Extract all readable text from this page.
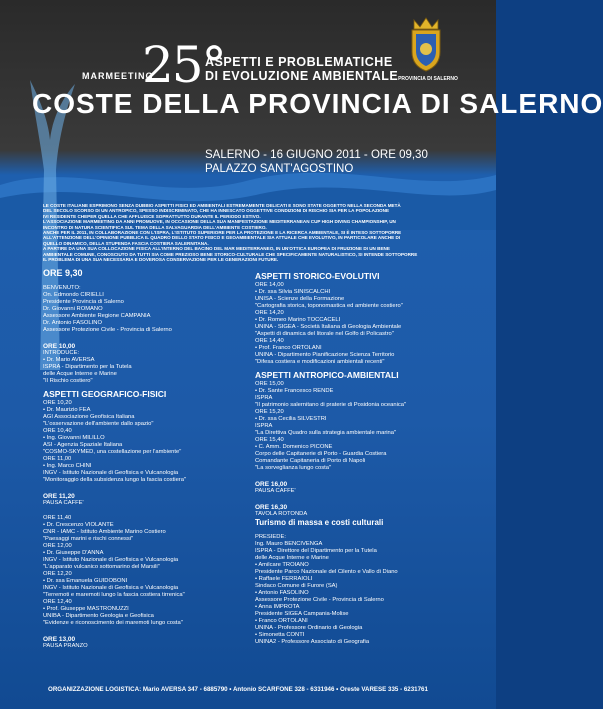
25°
MARMEETING
ASPETTI E PROBLEMATICHE
DI EVOLUZIONE AMBIENTALE
COSTE DELLA PROVINCIA DI SALERNO
SALERNO - 16 GIUGNO 2011 - ORE 09,30
PALAZZO SANT'AGOSTINO
PROVINCIA DI SALERNO

LE COSTE ITALIANE ESPRIMONO SENZA DUBBIO ASPETTI FISICI ED AMBIENTALI ESTREMAMENTE DELICATI E SONO STATE OGGETTO NELLA SECONDA METÀ

DEL SECOLO SCORSO DI UN ANTROPICO, SPESSO INDISCRIMINATO, CHE HA INNESCATO OGGETTIVE CONDIZIONI DI RISCHIO SIA PER LA POPOLAZIONE

IVI RESIDENTE CHEPER QUELLA CHE AFFLUISCE SOPRATTUTTO DURANTE IL PERIODO ESTIVO.

L'ASSOCIAZIONE MARMEETING DA ANNI PROMUOVE, IN OCCASIONE DELLA SUA MANIFESTAZIONE MEDITERRANEAN CUP HIGH DIVING CHAMPIONSHIP, UN

INCONTRO DI NATURA SCIENTIFICA SUL TEMA DELLA SALVAGUARDIA DELL'AMBIENTE COSTIERO.

ANCHE PER IL 2011, IN COLLABORAZIONE CON L'ISPRA, L'ISTITUTO SUPERIORE PER LA PROTEZIONE E LA RICERCA AMBIENTALE, SI È INTESO SOTTOPORRE

ALL'ATTENZIONE DELL'OPINIONE PUBBLICA IL QUADRO DELLO STATO FISICO E GEOAMBIENTALE SIA ATTUALE CHE EVOLUTIVO, IN PARTICOLARE ANCHE DI

QUELLO DINAMICO, DELLA STUPENDA FASCIA COSTIERA SALERNITANA.

A PARTIRE DA UNA SUA COLLOCAZIONE FISICA ALL'INTERNO DEL BACINO DEL MAR MEDITERRANEO, IN UN'OTTICA EUROPEA DI FRUIZIONE DI UN BENE

AMBIENTALE COMUNE, CONOSCIUTO DA TUTTI SIA COME PREZIOSO BENE STORICO-CULTURALE CHE SPECIFICAMENTE NATURALISTICO, SI INTENDE SOTTOPORRE

IL PROBLEMA DI UNA SUA NECESSARIA E DOVEROSA CONSERVAZIONE PER LE GENERAZIONI FUTURE.

ORE 9,30
BENVENUTO:
On. Edmondo CIRIELLI
Presidente Provincia di Salerno
Dr. Giovanni ROMANO
Assessore Ambiente Regione CAMPANIA
Dr. Antonio FASOLINO
Assessore Protezione Civile - Provincia di Salerno
ORE 10,00
INTRODUCE:
• Dr. Mario AVERSA
ISPRA - Dipartimento per la Tutela
delle Acque Interne e Marine
"Il Rischio costiero"
ASPETTI GEOGRAFICO-FISICI
ORE 10,20
• Dr. Maurizio FEA
AGI Associazione Geofisica Italiana
"L'osservazione dell'ambiente dallo spazio"
ORE 10,40
• Ing. Giovanni MILILLO
ASI - Agenzia Spaziale Italiana
"COSMO-SKYMED, una costellazione per l'ambiente"
ORE 11,00
• Ing. Marco CHINI
INGV - Istituto Nazionale di Geofisica e Vulcanologia
"Monitoraggio della subsidenza lungo la fascia costiera"
ORE 11,20
PAUSA CAFFE'
ORE 11,40
• Dr. Crescenzo VIOLANTE
CNR - IAMC - Istituto Ambiente Marino Costiero
"Paesaggi marini e rischi connessi"
ORE 12,00
• Dr. Giuseppe D'ANNA
INGV - Istituto Nazionale di Geofisica e Vulcanologia
"L'apparato vulcanico sottomarino del Marsili"
ORE 12,20
• Dr. ssa Emanuela GUIDOBONI
INGV - Istituto Nazionale di Geofisica e Vulcanologia
"Terremoti e maremoti lungo la fascia costiera tirrenica"
ORE 12,40
• Prof. Giuseppe MASTRONUZZI
UNIBA - Dipartimento Geologia e Geofisica
"Evidenze e riconoscimento dei maremoti lungo costa"
ORE 13,00
PAUSA PRANZO
ASPETTI STORICO-EVOLUTIVI
ORE 14,00
• Dr. ssa Silvia SINISCALCHI
UNISA - Scienze della Formazione
"Cartografia storica, toponomastica ed ambiente costiero"
ORE 14,20
• Dr. Romeo Marino TOCCACELI
UNINA - SIGEA - Società Italiana di Geologia Ambientale
"Aspetti di dinamica del litorale nel Golfo di Policastro"
ORE 14,40
• Prof. Franco ORTOLANI
UNINA - Dipartimento Pianificazione Scienza Territorio
"Difesa costiera e modificazioni ambientali recenti"
ASPETTI ANTROPICO-AMBIENTALI
ORE 15,00
• Dr. Sante Francesco RENDE
ISPRA
"Il patrimonio salernitano di praterie di Posidonia oceanica"
ORE 15,20
• Dr. ssa Cecilia SILVESTRI
ISPRA
"La Direttiva Quadro sulla strategia ambientale marina"
ORE 15,40
• C. Amm. Domenico PICONE
Corpo delle Capitanerie di Porto - Guardia Costiera
Comandante Capitaneria di Porto di Napoli
"La sorveglianza lungo costa"
ORE 16,00
PAUSA CAFFE'
ORE 16,30
TAVOLA ROTONDA
Turismo di massa e costi culturali
PRESIEDE:
Ing. Mauro BENCIVENGA
ISPRA - Direttore del Dipartimento per la Tutela
delle Acque Interne e Marine
• Amilcare TROIANO
Presidente Parco Nazionale del Cilento e Vallo di Diano
• Raffaele FERRAIOLI
Sindaco Comune di Furore (SA)
• Antonio FASOLINO
Assessore Protezione Civile - Provincia di Salerno
• Anna IMPROTA
Presidente SIGEA Campania-Molise
• Franco ORTOLANI
UNINA - Professore Ordinario di Geologia
• Simonetta CONTI
UNINA2 - Professore Associato di Geografia
ORGANIZZAZIONE LOGISTICA: Mario AVERSA 347 - 6885790 • Antonio SCARFONE 328 - 6331946 • Oreste VARESE 335 - 6231761
